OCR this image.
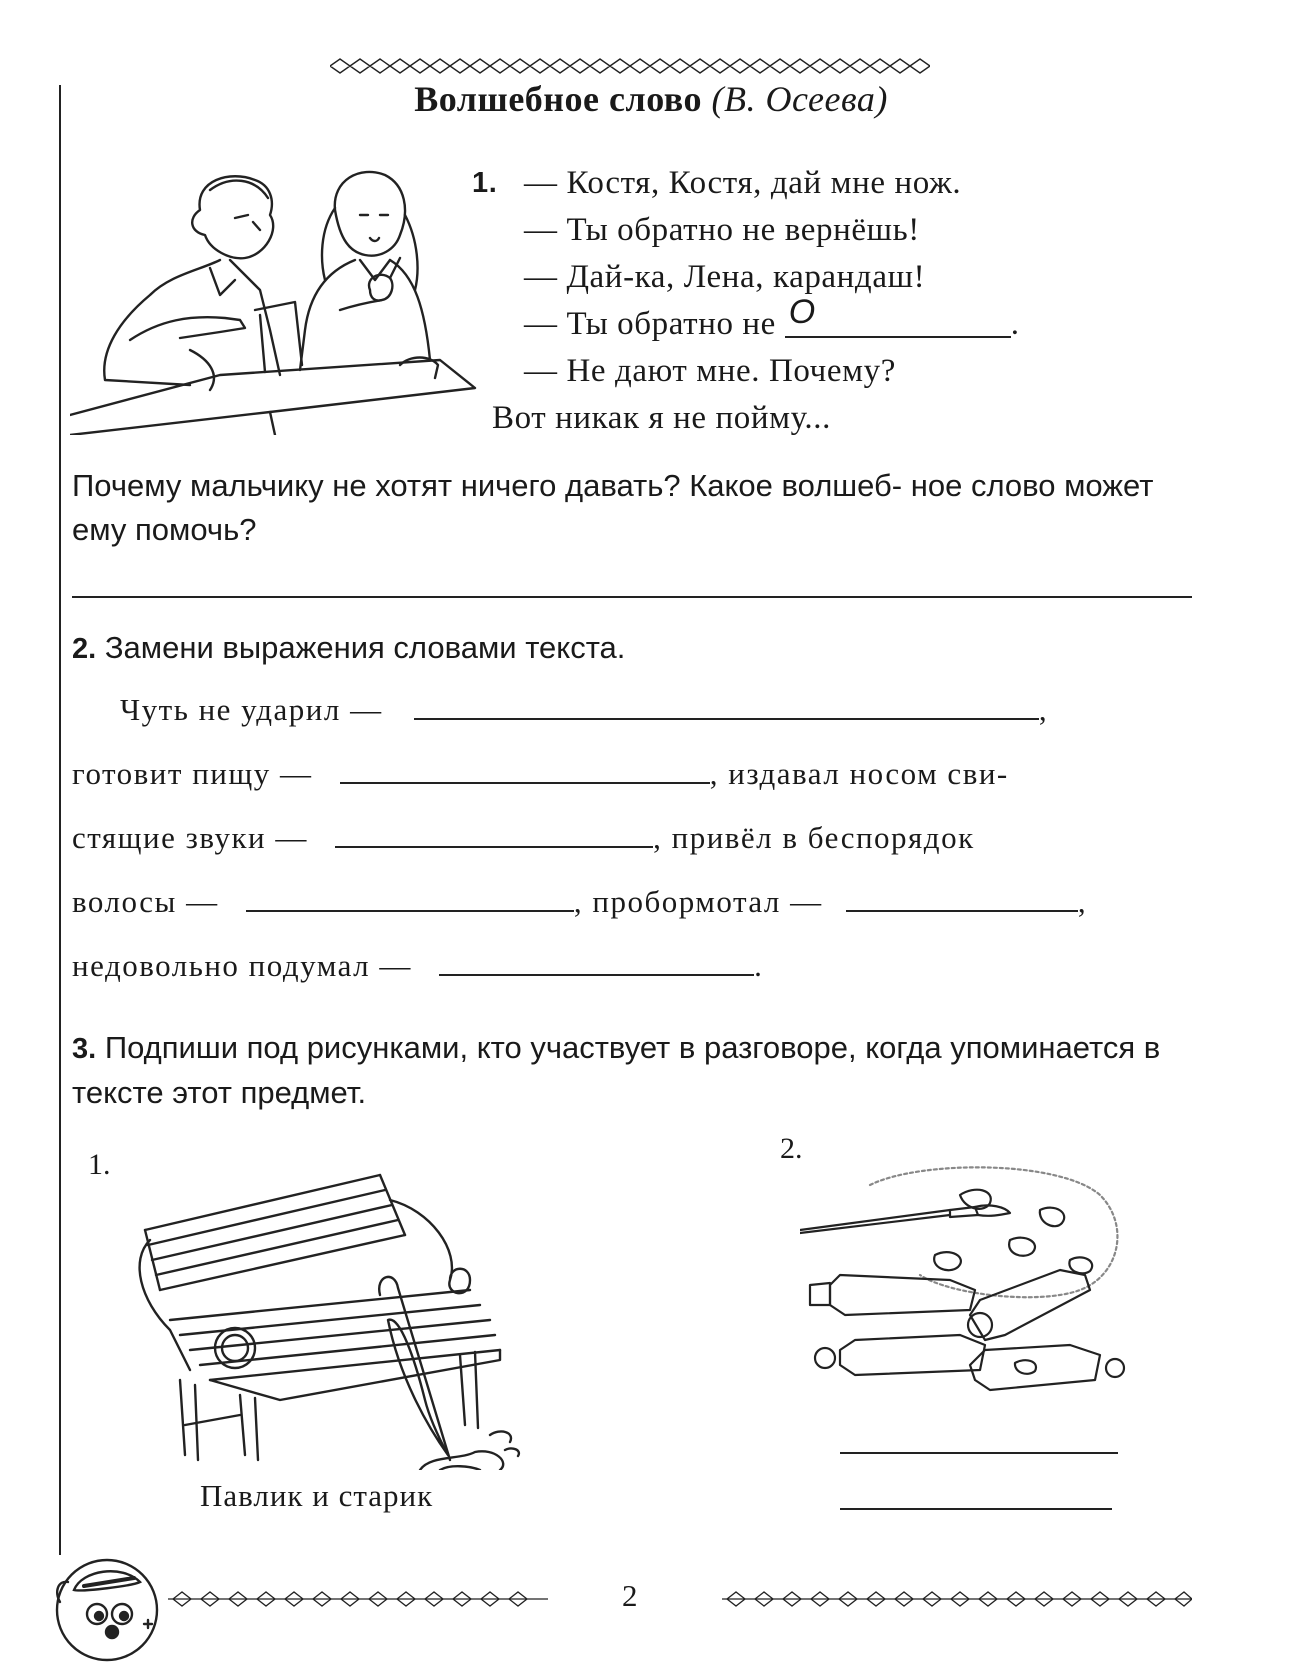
Волшебное слово (В. Осеева)
1. — Костя, Костя, дай мне нож.
— Ты обратно не вернёшь!
— Дай-ка, Лена, карандаш!
— Ты обратно не О	.
— Не дают мне. Почему?
Вот никак я не пойму...
Почему мальчику не хотят ничего давать? Какое волшеб- ное слово может ему помочь?
2. Замени выражения словами текста.
Чуть не ударил —	,
готовит пищу —	, издавал носом сви-
стящие звуки —	, привёл в беспорядок
волосы —	, пробормотал —	,
недовольно подумал —	.
3. Подпиши под рисунками, кто участвует в разговоре, когда упоминается в тексте этот предмет.
1.	2.
Павлик и старик
2
